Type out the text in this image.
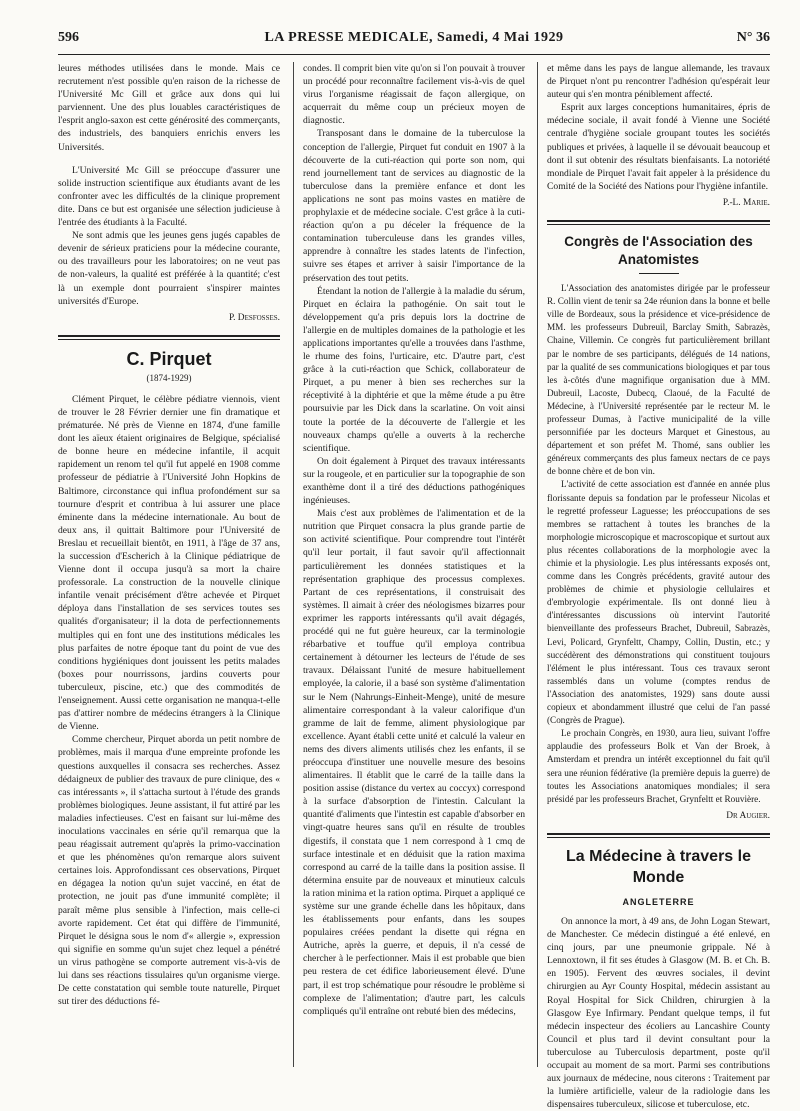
596	LA PRESSE MEDICALE, Samedi, 4 Mai 1929	N° 36

leures méthodes utilisées dans le monde. Mais ce recrutement n'est possible qu'en raison de la richesse de l'Université Mc Gill et grâce aux dons qui lui parviennent. Une des plus louables caractéristiques de l'esprit anglo-saxon est cette générosité des commerçants, des industriels, des banquiers enrichis envers les Universités.

L'Université Mc Gill se préoccupe d'assurer une solide instruction scientifique aux étudiants avant de les confronter avec les difficultés de la clinique proprement dite. Dans ce but est organisée une sélection judicieuse à l'entrée des étudiants à la Faculté.

Ne sont admis que les jeunes gens jugés capables de devenir de sérieux praticiens pour la médecine courante, ou des travailleurs pour les laboratoires; on ne veut pas de non-valeurs, la qualité est préférée à la quantité; c'est là un exemple dont pourraient s'inspirer maintes universités d'Europe.

P. Desfosses.

C. Pirquet

(1874-1929)

Clément Pirquet, le célèbre pédiatre viennois, vient de trouver le 28 Février dernier une fin dramatique et prématurée. Né près de Vienne en 1874, d'une famille dont les aïeux étaient originaires de Belgique, spécialisé de bonne heure en médecine infantile, il acquit rapidement un renom tel qu'il fut appelé en 1908 comme professeur de pédiatrie à l'Université John Hopkins de Baltimore, circonstance qui influa profondément sur sa tournure d'esprit et contribua à lui assurer une place éminente dans la médecine internationale. Au bout de deux ans, il quittait Baltimore pour l'Université de Breslau et recueillait bientôt, en 1911, à l'âge de 37 ans, la succession d'Escherich à la Clinique pédiatrique de Vienne dont il occupa jusqu'à sa mort la chaire professorale. La construction de la nouvelle clinique infantile venait précisément d'être achevée et Pirquet déploya dans l'installation de ses services toutes ses qualités d'organisateur; il la dota de perfectionnements multiples qui en font une des institutions médicales les plus parfaites de notre époque tant du point de vue des conditions hygiéniques dont jouissent les petits malades (boxes pour nourrissons, jardins couverts pour tuberculeux, piscine, etc.) que des commodités de l'enseignement. Aussi cette organisation ne manqua-t-elle pas d'attirer nombre de médecins étrangers à la Clinique de Vienne.

Comme chercheur, Pirquet aborda un petit nombre de problèmes, mais il marqua d'une empreinte profonde les questions auxquelles il consacra ses recherches. Assez dédaigneux de publier des travaux de pure clinique, des « cas intéressants », il s'attacha surtout à l'étude des grands problèmes biologiques. Jeune assistant, il fut attiré par les maladies infectieuses. C'est en faisant sur lui-même des inoculations vaccinales en série qu'il remarqua que la peau réagissait autrement qu'après la primo-vaccination et que les phénomènes qu'on remarque alors suivent certaines lois. Approfondissant ces observations, Pirquet en dégagea la notion qu'un sujet vacciné, en état de protection, ne jouit pas d'une immunité complète; il paraît même plus sensible à l'infection, mais celle-ci avorte rapidement. Cet état qui diffère de l'immunité, Pirquet le désigna sous le nom d'« allergie », expression qui signifie en somme qu'un sujet chez lequel a pénétré un virus pathogène se comporte autrement vis-à-vis de lui dans ses réactions tissulaires qu'un organisme vierge. De cette constatation qui semble toute naturelle, Pirquet sut tirer des déductions fé-

condes. Il comprit bien vite qu'on si l'on pouvait à trouver un procédé pour reconnaître facilement vis-à-vis de quel virus l'organisme réagissait de façon allergique, on acquerrait du même coup un précieux moyen de diagnostic.

Transposant dans le domaine de la tuberculose la conception de l'allergie, Pirquet fut conduit en 1907 à la découverte de la cuti-réaction qui porte son nom, qui rend journellement tant de services au diagnostic de la tuberculose dans la première enfance et dont les applications ne sont pas moins vastes en matière de prophylaxie et de médecine sociale. C'est grâce à la cuti-réaction qu'on a pu déceler la fréquence de la contamination tuberculeuse dans les grandes villes, apprendre à connaître les stades latents de l'infection, suivre ses étapes et arriver à saisir l'importance de la préservation des tout petits.

Étendant la notion de l'allergie à la maladie du sérum, Pirquet en éclaira la pathogénie. On sait tout le développement qu'a pris depuis lors la doctrine de l'allergie en de multiples domaines de la pathologie et les applications importantes qu'elle a trouvées dans l'asthme, le rhume des foins, l'urticaire, etc. D'autre part, c'est grâce à la cuti-réaction que Schick, collaborateur de Pirquet, a pu mener à bien ses recherches sur la réceptivité à la diphtérie et que la même étude a pu être poursuivie par les Dick dans la scarlatine. On voit ainsi toute la portée de la découverte de l'allergie et les nouveaux champs qu'elle a ouverts à la recherche scientifique.

On doit également à Pirquet des travaux intéressants sur la rougeole, et en particulier sur la topographie de son exanthème dont il a tiré des déductions pathogéniques ingénieuses.

Mais c'est aux problèmes de l'alimentation et de la nutrition que Pirquet consacra la plus grande partie de son activité scientifique. Pour comprendre tout l'intérêt qu'il leur portait, il faut savoir qu'il affectionnait particulièrement les données statistiques et la représentation graphique des processus complexes. Partant de ces représentations, il construisait des systèmes. Il aimait à créer des néologismes bizarres pour exprimer les rapports intéressants qu'il avait dégagés, procédé qui ne fut guère heureux, car la terminologie rébarbative et touffue qu'il employa contribua certainement à détourner les lecteurs de l'étude de ses travaux. Délaissant l'unité de mesure habituellement employée, la calorie, il a basé son système d'alimentation sur le Nem (Nahrungs-Einheit-Menge), unité de mesure alimentaire correspondant à la valeur calorifique d'un gramme de lait de femme, aliment physiologique par excellence. Ayant établi cette unité et calculé la valeur en nems des divers aliments utilisés chez les enfants, il se préoccupa d'instituer une nouvelle mesure des besoins alimentaires. Il établit que le carré de la taille dans la position assise (distance du vertex au coccyx) correspond à la surface d'absorption de l'intestin. Calculant la quantité d'aliments que l'intestin est capable d'absorber en vingt-quatre heures sans qu'il en résulte de troubles digestifs, il constata que 1 nem correspond à 1 cmq de surface intestinale et en déduisit que la ration maxima correspond au carré de la taille dans la position assise. Il détermina ensuite par de nouveaux et minutieux calculs la ration minima et la ration optima. Pirquet a appliqué ce système sur une grande échelle dans les hôpitaux, dans les établissements pour enfants, dans les soupes populaires créées pendant la disette qui régna en Autriche, après la guerre, et depuis, il n'a cessé de chercher à le perfectionner. Mais il est probable que bien peu restera de cet édifice laborieusement élevé. D'une part, il est trop schématique pour résoudre le problème si complexe de l'alimentation; d'autre part, les calculs compliqués qu'il entraîne ont rebuté bien des médecins,

et même dans les pays de langue allemande, les travaux de Pirquet n'ont pu rencontrer l'adhésion qu'espérait leur auteur qui s'en montra péniblement affecté.

Esprit aux larges conceptions humanitaires, épris de médecine sociale, il avait fondé à Vienne une Société centrale d'hygiène sociale groupant toutes les sociétés publiques et privées, à laquelle il se dévouait beaucoup et dont il sut obtenir des résultats bienfaisants. La notoriété mondiale de Pirquet l'avait fait appeler à la présidence du Comité de la Société des Nations pour l'hygiène infantile.

P.-L. Marie.

Congrès de l'Association des Anatomistes

L'Association des anatomistes dirigée par le professeur R. Collin vient de tenir sa 24e réunion dans la bonne et belle ville de Bordeaux, sous la présidence et vice-présidence de MM. les professeurs Dubreuil, Barclay Smith, Sabrazès, Chaine, Villemin. Ce congrès fut particulièrement brillant par le nombre de ses participants, délégués de 14 nations, par la qualité de ses communications biologiques et par tous les à-côtés d'une magnifique organisation due à MM. Dubreuil, Lacoste, Dubecq, Claoué, de la Faculté de Médecine, à l'Université représentée par le recteur M. le professeur Dumas, à l'active municipalité de la ville personnifiée par les docteurs Marquet et Ginestous, au département et son préfet M. Thomé, sans oublier les généreux commerçants des plus fameux nectars de ce pays de bonne chère et de bon vin.

L'activité de cette association est d'année en année plus florissante depuis sa fondation par le professeur Nicolas et le regretté professeur Laguesse; les préoccupations de ses membres se rattachent à toutes les branches de la morphologie microscopique et macroscopique et surtout aux plus récentes collaborations de la morphologie avec la chimie et la physiologie. Les plus intéressants exposés ont, comme dans les Congrès précédents, gravité autour des problèmes de chimie et physiologie cellulaires et d'embryologie expérimentale. Ils ont donné lieu à d'intéressantes discussions où intervint l'autorité bienveillante des professeurs Brachet, Dubreuil, Sabrazès, Levi, Policard, Grynfeltt, Champy, Collin, Dustin, etc.; y succédèrent des démonstrations qui constituent toujours l'élément le plus intéressant. Tous ces travaux seront rassemblés dans un volume (comptes rendus de l'Association des anatomistes, 1929) sans doute aussi copieux et abondamment illustré que celui de l'an passé (Congrès de Prague).

Le prochain Congrès, en 1930, aura lieu, suivant l'offre applaudie des professeurs Bolk et Van der Broek, à Amsterdam et prendra un intérêt exceptionnel du fait qu'il sera une réunion fédérative (la première depuis la guerre) de toutes les Associations anatomiques mondiales; il sera présidé par les professeurs Brachet, Grynfeltt et Rouvière.

Dr Augier.

La Médecine à travers le Monde

ANGLETERRE

On annonce la mort, à 49 ans, de John Logan Stewart, de Manchester. Ce médecin distingué a été enlevé, en cinq jours, par une pneumonie grippale. Né à Lennoxtown, il fit ses études à Glasgow (M. B. et Ch. B. en 1905). Fervent des œuvres sociales, il devint chirurgien au Ayr County Hospital, médecin assistant au Royal Hospital for Sick Children, chirurgien à la Glasgow Eye Infirmary. Pendant quelque temps, il fut médecin inspecteur des écoliers au Lancashire County Council et plus tard il devint consultant pour la tuberculose au Tuberculosis department, poste qu'il occupait au moment de sa mort. Parmi ses contributions aux journaux de médecine, nous citerons : Traitement par la lumière artificielle, valeur de la radiologie dans les dispensaires tuberculeux, silicose et tuberculose, etc.
